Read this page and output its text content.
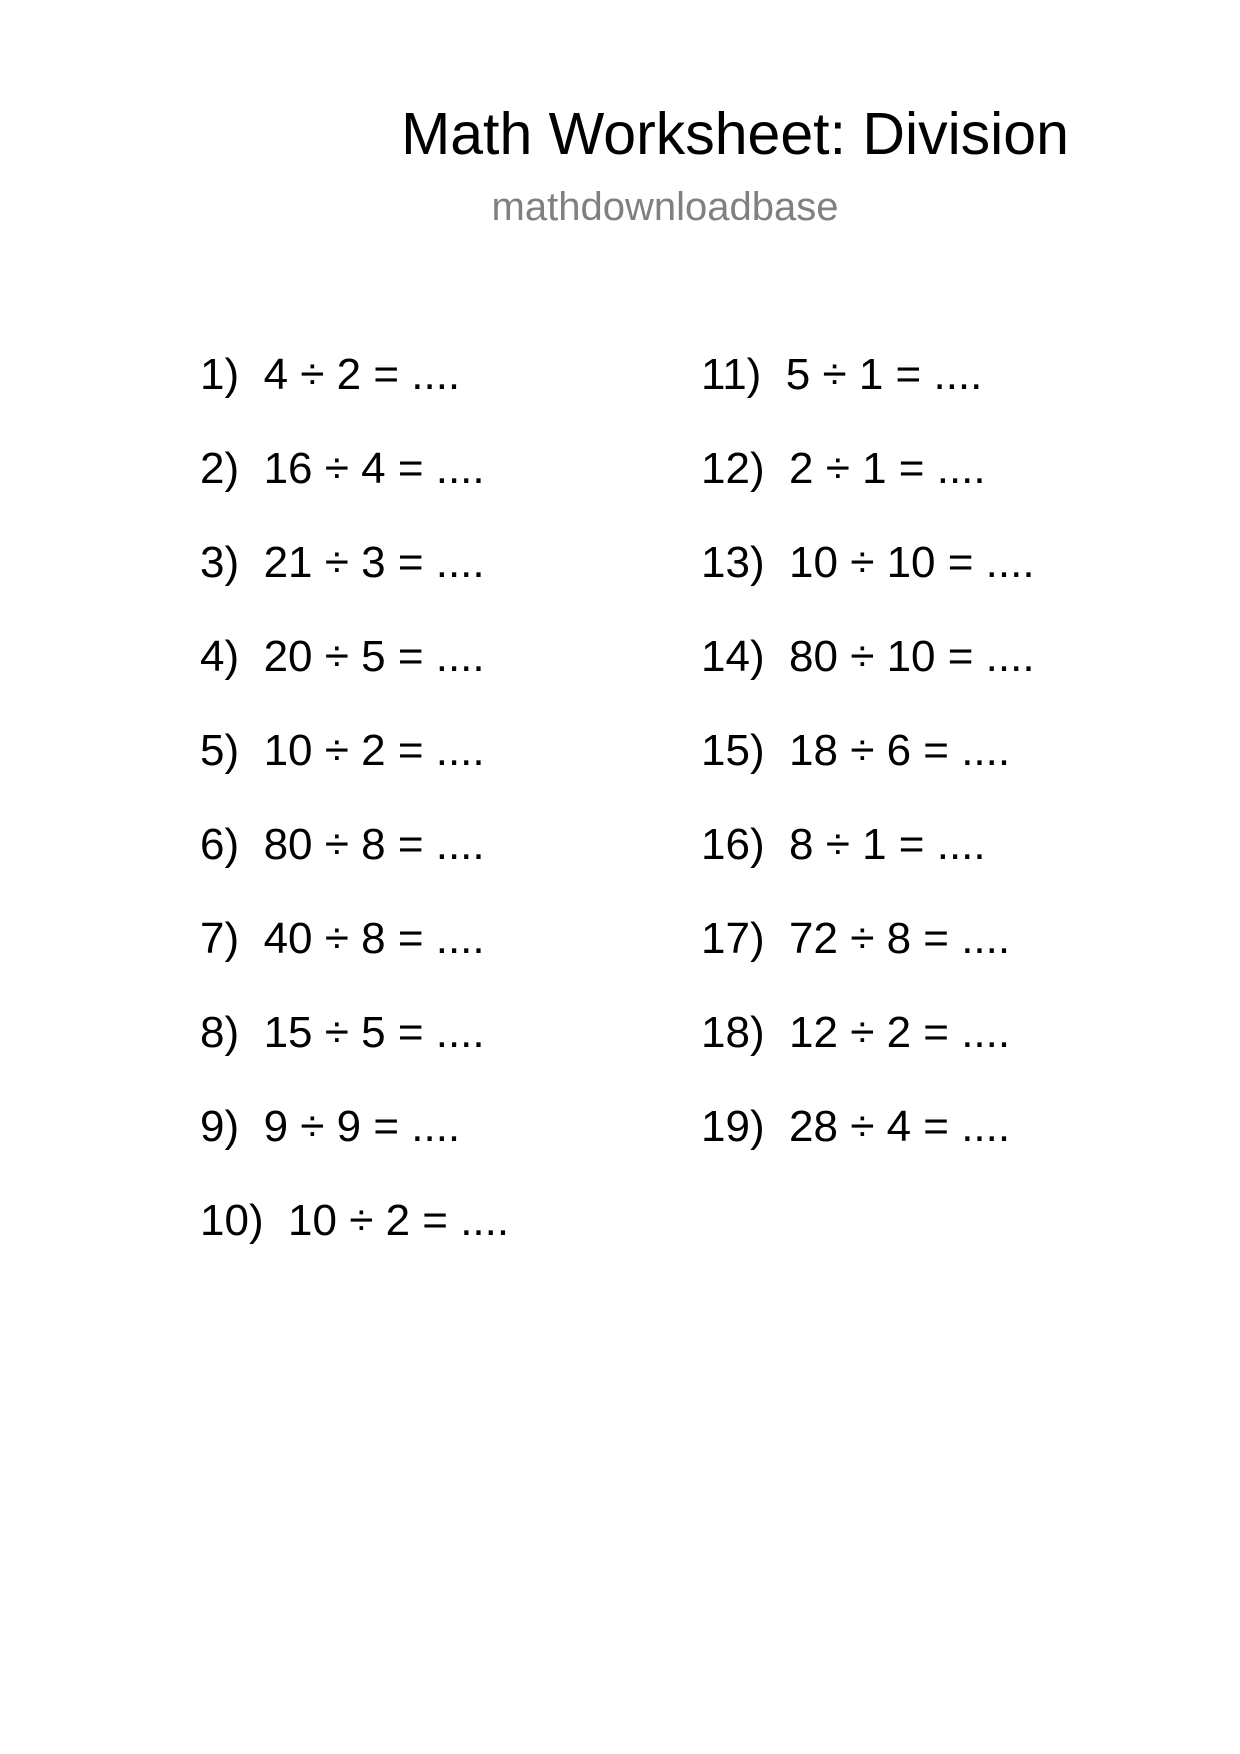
Math Worksheet: Division
mathdownloadbase
1) 4 ÷ 2 = ....
2) 16 ÷ 4 = ....
3) 21 ÷ 3 = ....
4) 20 ÷ 5 = ....
5) 10 ÷ 2 = ....
6) 80 ÷ 8 = ....
7) 40 ÷ 8 = ....
8) 15 ÷ 5 = ....
9) 9 ÷ 9 = ....
10) 10 ÷ 2 = ....
11) 5 ÷ 1 = ....
12) 2 ÷ 1 = ....
13) 10 ÷ 10 = ....
14) 80 ÷ 10 = ....
15) 18 ÷ 6 = ....
16) 8 ÷ 1 = ....
17) 72 ÷ 8 = ....
18) 12 ÷ 2 = ....
19) 28 ÷ 4 = ....
